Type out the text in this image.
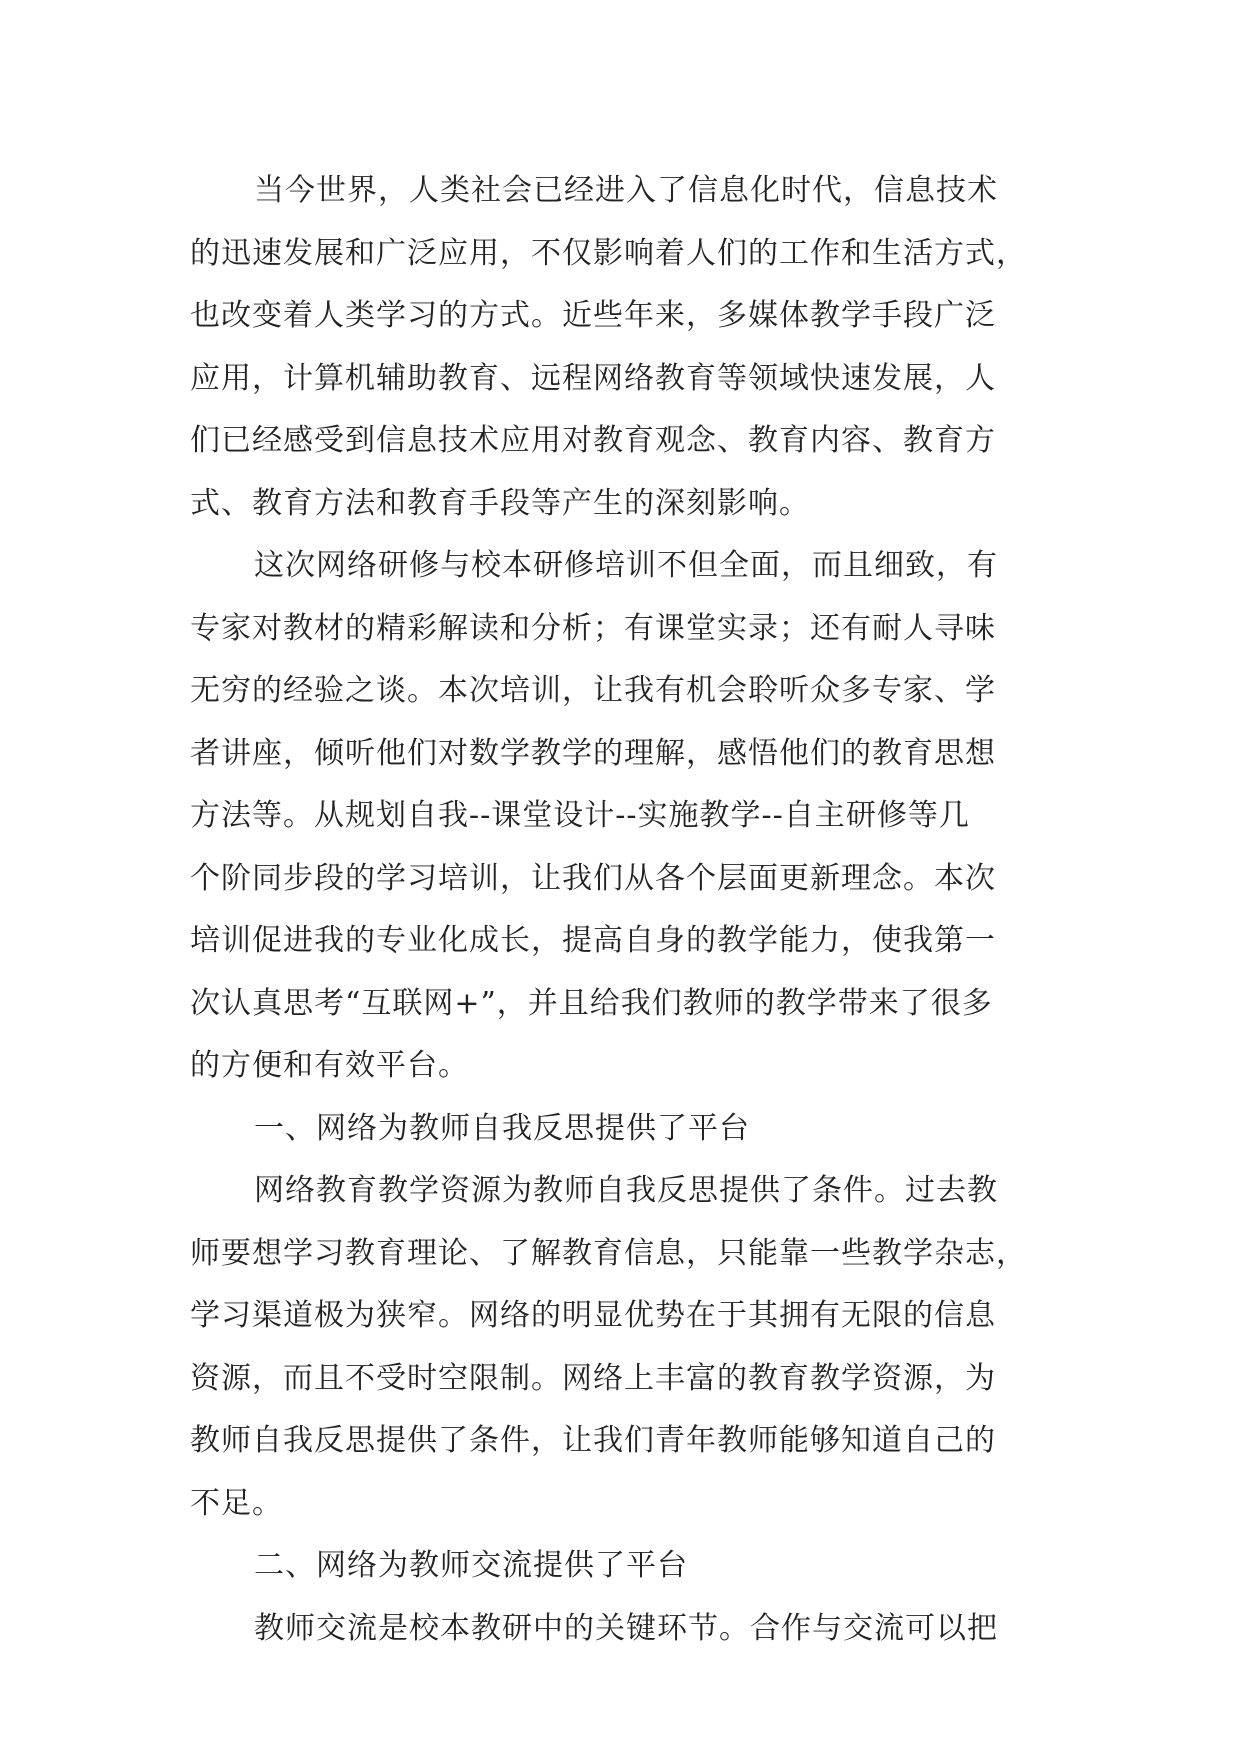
当今世界，人类社会已经进入了信息化时代，信息技术
的迅速发展和广泛应用，不仅影响着人们的工作和生活方式，
也改变着人类学习的方式。近些年来，多媒体教学手段广泛
应用，计算机辅助教育、远程网络教育等领域快速发展，人
们已经感受到信息技术应用对教育观念、教育内容、教育方
式、教育方法和教育手段等产生的深刻影响。
这次网络研修与校本研修培训不但全面，而且细致，有
专家对教材的精彩解读和分析；有课堂实录；还有耐人寻味
无穷的经验之谈。本次培训，让我有机会聆听众多专家、学
者讲座，倾听他们对数学教学的理解，感悟他们的教育思想
方法等。从规划自我--课堂设计--实施教学--自主研修等几
个阶同步段的学习培训，让我们从各个层面更新理念。本次
培训促进我的专业化成长，提高自身的教学能力，使我第一
次认真思考“互联网+”，并且给我们教师的教学带来了很多
的方便和有效平台。
一、网络为教师自我反思提供了平台
网络教育教学资源为教师自我反思提供了条件。过去教
师要想学习教育理论、了解教育信息，只能靠一些教学杂志，
学习渠道极为狭窄。网络的明显优势在于其拥有无限的信息
资源，而且不受时空限制。网络上丰富的教育教学资源，为
教师自我反思提供了条件，让我们青年教师能够知道自己的
不足。
二、网络为教师交流提供了平台
教师交流是校本教研中的关键环节。合作与交流可以把
